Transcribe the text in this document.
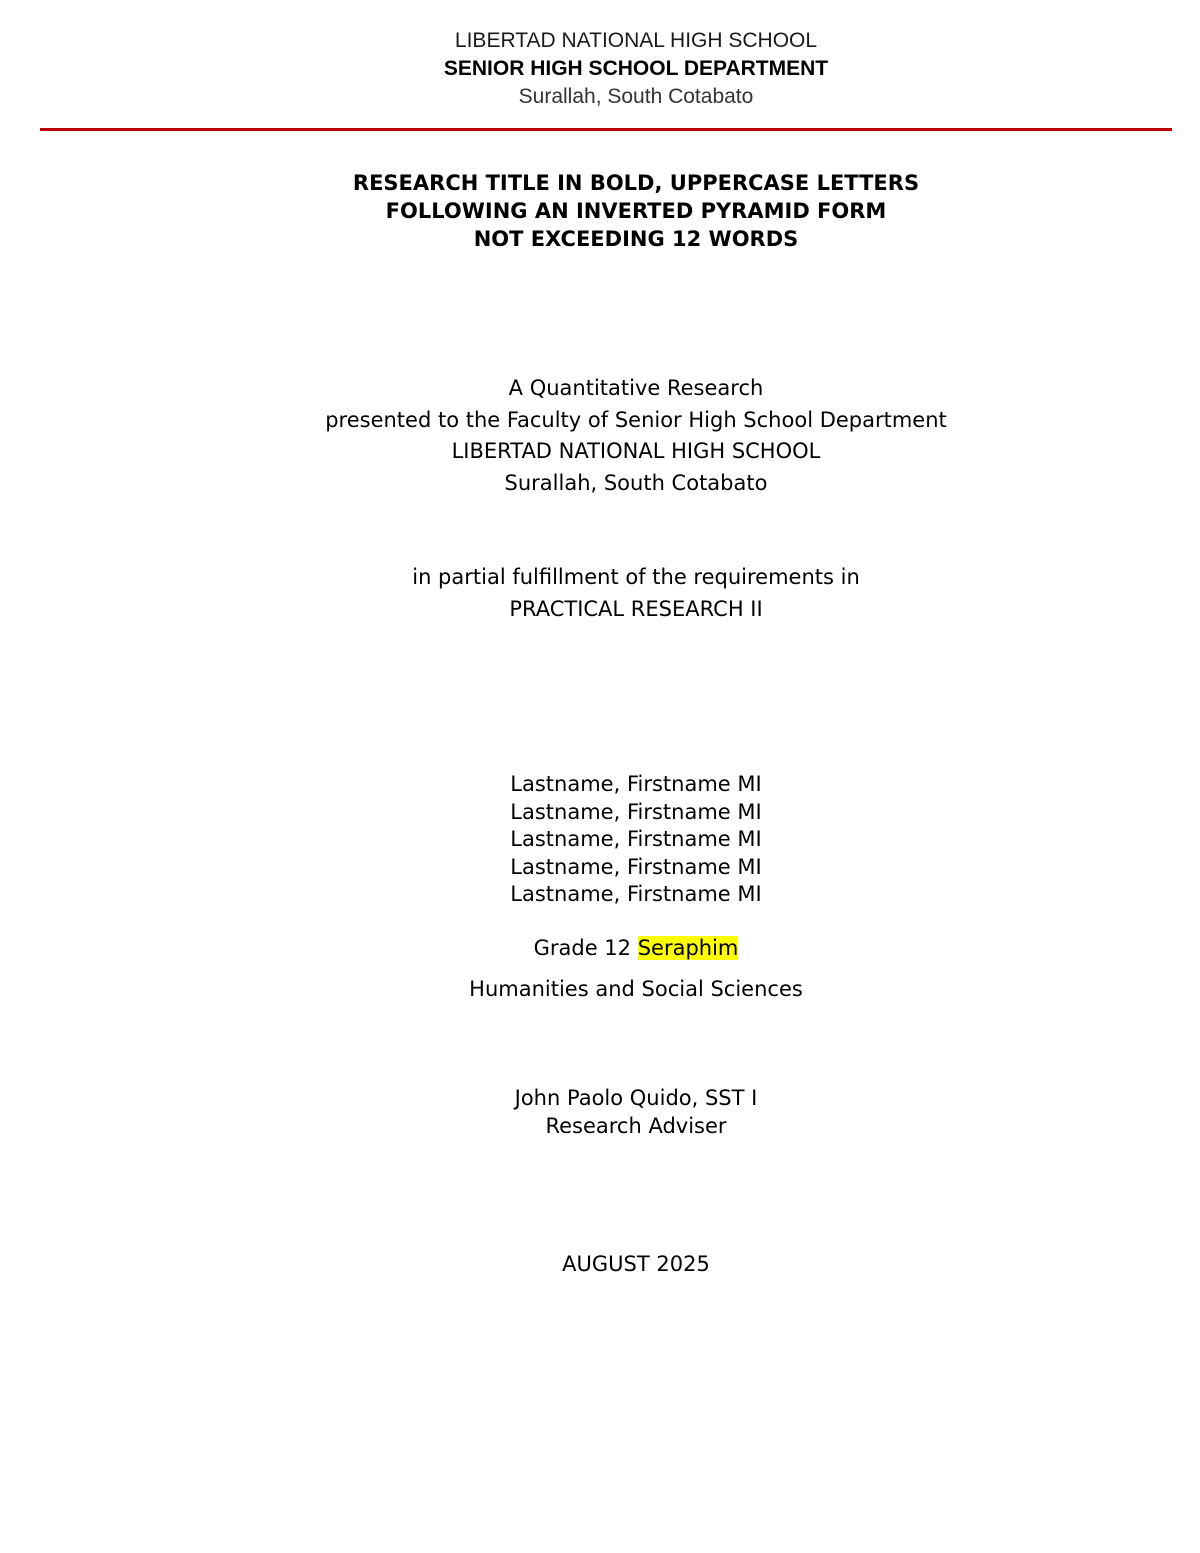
LIBERTAD NATIONAL HIGH SCHOOL
SENIOR HIGH SCHOOL DEPARTMENT
Surallah, South Cotabato
RESEARCH TITLE IN BOLD, UPPERCASE LETTERS
FOLLOWING AN INVERTED PYRAMID FORM
NOT EXCEEDING 12 WORDS
A Quantitative Research
presented to the Faculty of Senior High School Department
LIBERTAD NATIONAL HIGH SCHOOL
Surallah, South Cotabato
in partial fulfillment of the requirements in
PRACTICAL RESEARCH II
Lastname, Firstname MI
Lastname, Firstname MI
Lastname, Firstname MI
Lastname, Firstname MI
Lastname, Firstname MI
Grade 12 Seraphim
Humanities and Social Sciences
John Paolo Quido, SST I
Research Adviser
AUGUST 2025
